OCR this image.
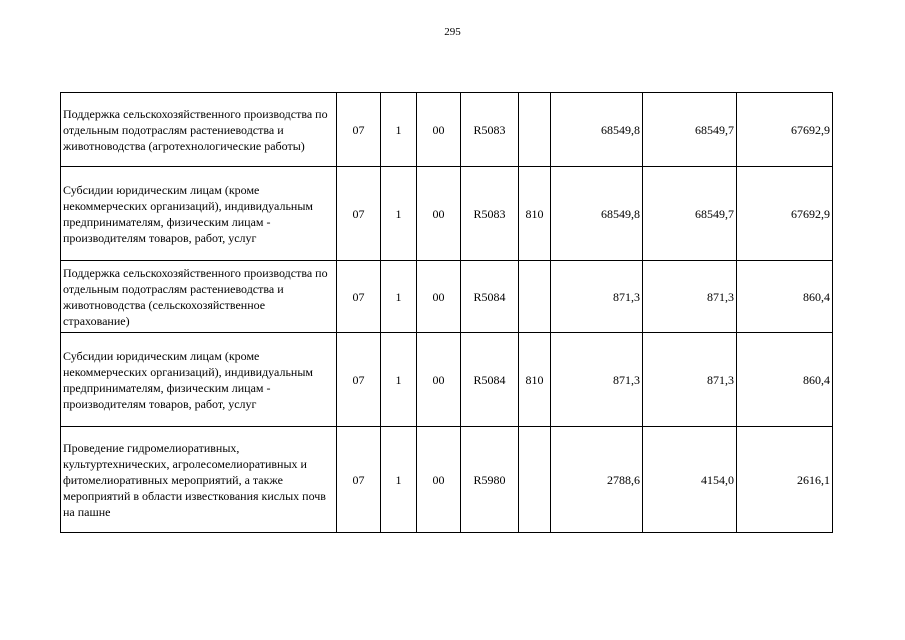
295
Поддержка сельскохозяйственного производства по отдельным подотраслям растениеводства и животноводства (агротехнологические работы)	07	1	00	R5083		68549,8	68549,7	67692,9
Субсидии юридическим лицам (кроме некоммерческих организаций), индивидуальным предпринимателям, физическим лицам - производителям товаров, работ, услуг	07	1	00	R5083	810	68549,8	68549,7	67692,9
Поддержка сельскохозяйственного производства по отдельным подотраслям растениеводства и животноводства (сельскохозяйственное страхование)	07	1	00	R5084		871,3	871,3	860,4
Субсидии юридическим лицам (кроме некоммерческих организаций), индивидуальным предпринимателям, физическим лицам - производителям товаров, работ, услуг	07	1	00	R5084	810	871,3	871,3	860,4
Проведение гидромелиоративных, культуртехнических, агролесомелиоративных и фитомелиоративных мероприятий, а также мероприятий в области известкования кислых почв на пашне	07	1	00	R5980		2788,6	4154,0	2616,1
